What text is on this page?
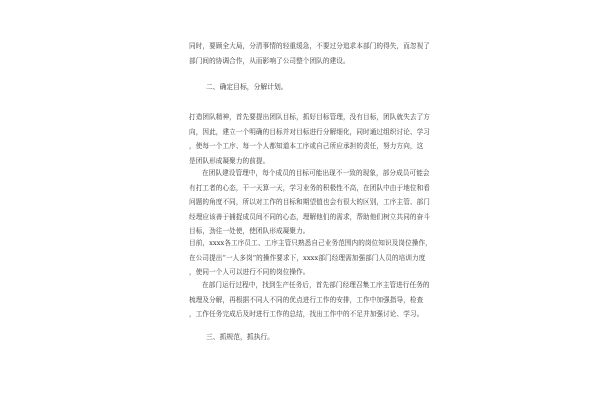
同时，要顾全大局，分清事情的轻重缓急，不要过分追求本部门的得失，而忽视了
部门间的协调合作，从而影响了公司整个团队的建设。
二、确定目标，分解计划。
打造团队精神，首先要提出团队目标，抓好目标管理，没有目标，团队就失去了方
向，因此，建立一个明确的目标并对目标进行分解细化，同时通过组织讨论、学习
，使每一个工序、每一个人都知道本工序或自己所应承担的责任，努力方向，这
是团队形成凝聚力的前提。
在团队建设管理中，每个成员的目标可能出现不一致的现象，部分成员可能会
有打工者的心态，干一天算一天，学习业务的积极性不高，在团队中由于地位和看
问题的角度不同，所以对工作的目标和期望值也会有很大的区别，工序主管、部门
经理应该善于捕捉成员间不同的心态，理解他们的需求，帮助他们树立共同的奋斗
目标，劲往一处使，使团队形成凝聚力。
目前，xxxx各工序员工、工序主管只熟悉自己业务范围内的岗位知识及岗位操作，
在公司提出“一人多岗”的操作要求下，xxxx部门经理需加强部门人员的培训力度
，使同一个人可以进行不同的岗位操作。
在部门运行过程中，找到生产任务后，首先部门经理召集工序主管进行任务的
梳理及分解，再根据不同人不同的优点进行工作的安排，工作中加强指导，检查
，工作任务完成后及时进行工作的总结，找出工作中的不足并加强讨论、学习。
三、抓规范，抓执行。
